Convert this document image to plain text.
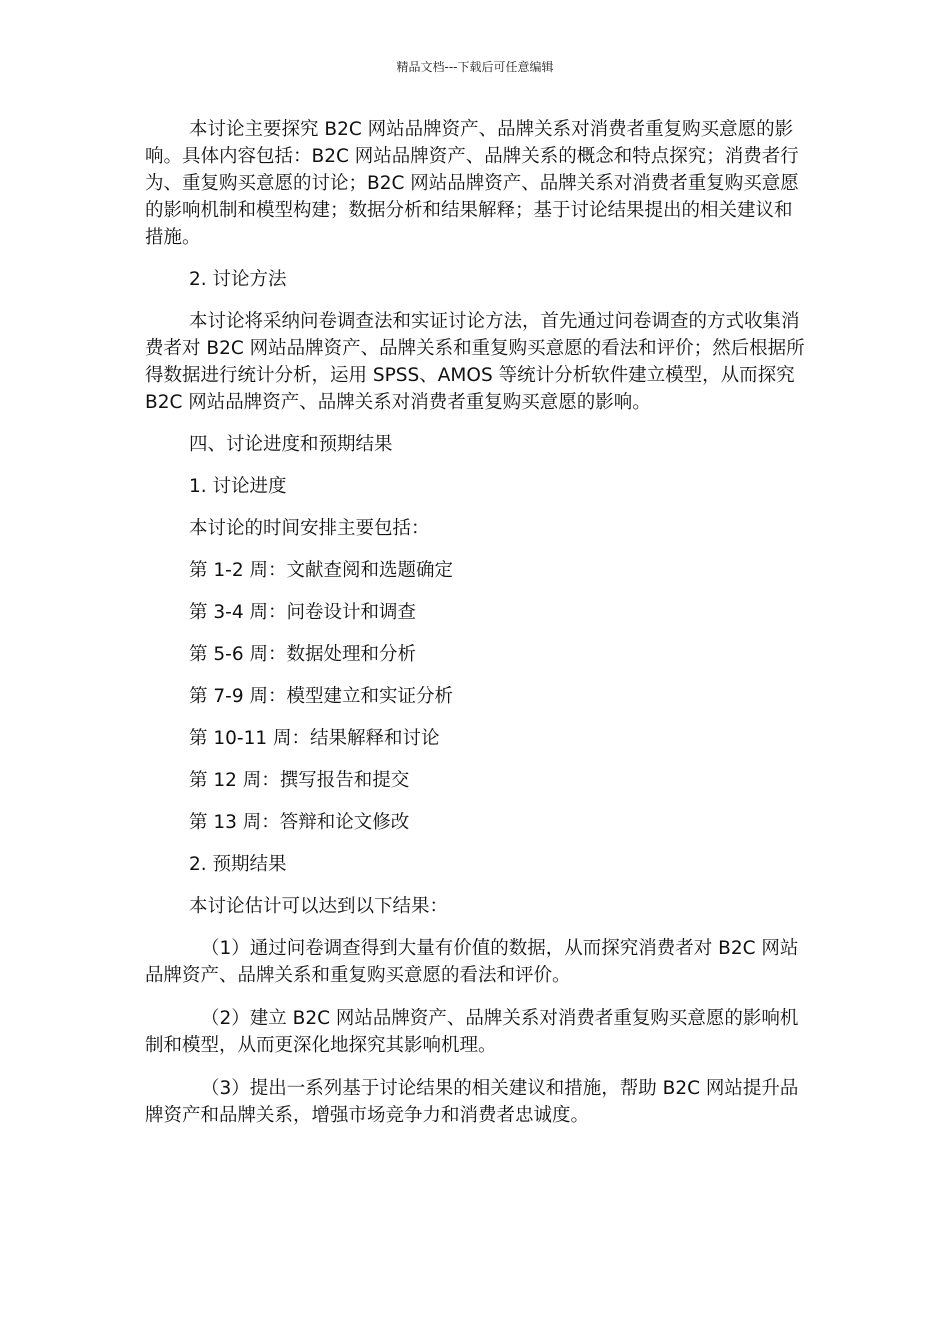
精品文档---下载后可任意编辑

本讨论主要探究 B2C 网站品牌资产、品牌关系对消费者重复购买意愿的影响。具体内容包括：B2C 网站品牌资产、品牌关系的概念和特点探究；消费者行为、重复购买意愿的讨论；B2C 网站品牌资产、品牌关系对消费者重复购买意愿的影响机制和模型构建；数据分析和结果解释；基于讨论结果提出的相关建议和措施。

2. 讨论方法

本讨论将采纳问卷调查法和实证讨论方法，首先通过问卷调查的方式收集消费者对 B2C 网站品牌资产、品牌关系和重复购买意愿的看法和评价；然后根据所得数据进行统计分析，运用 SPSS、AMOS 等统计分析软件建立模型，从而探究 B2C 网站品牌资产、品牌关系对消费者重复购买意愿的影响。

四、讨论进度和预期结果

1. 讨论进度

本讨论的时间安排主要包括：

第 1-2 周：文献查阅和选题确定

第 3-4 周：问卷设计和调查

第 5-6 周：数据处理和分析

第 7-9 周：模型建立和实证分析

第 10-11 周：结果解释和讨论

第 12 周：撰写报告和提交

第 13 周：答辩和论文修改

2. 预期结果

本讨论估计可以达到以下结果：

（1）通过问卷调查得到大量有价值的数据，从而探究消费者对 B2C 网站品牌资产、品牌关系和重复购买意愿的看法和评价。

（2）建立 B2C 网站品牌资产、品牌关系对消费者重复购买意愿的影响机制和模型，从而更深化地探究其影响机理。

（3）提出一系列基于讨论结果的相关建议和措施，帮助 B2C 网站提升品牌资产和品牌关系，增强市场竞争力和消费者忠诚度。
